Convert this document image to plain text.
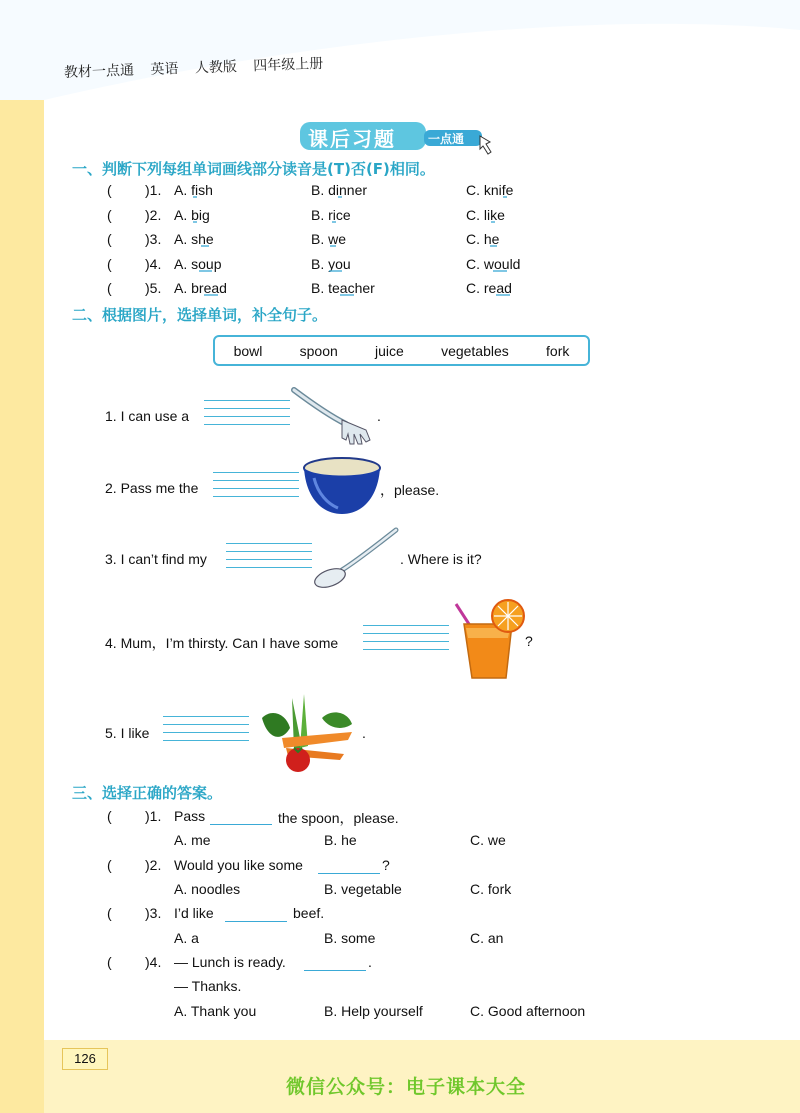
教材一点通 英语 人教版 四年级上册
课后习题	一点通
一、判断下列每组单词画线部分读音是(T)否(F)相同。
( )1. A. fish	B. dinner	C. knife
( )2. A. big	B. rice	C. like
( )3. A. she	B. we	C. he
( )4. A. soup	B. you	C. would
( )5. A. bread	B. teacher	C. read
二、根据图片，选择单词，补全句子。
bowl	spoon	juice	vegetables	fork
1. I can use a	.
2. Pass me the	，please.
3. I can’t find my	. Where is it?
4. Mum，I’m thirsty. Can I have some	?
5. I like	.
三、选择正确的答案。
( )1. Pass	the spoon，please.
A. me	B. he	C. we
( )2. Would you like some	?
A. noodles	B. vegetable	C. fork
( )3. I’d like	beef.
A. a	B. some	C. an
( )4. — Lunch is ready.	.
— Thanks.
A. Thank you	B. Help yourself	C. Good afternoon
126
微信公众号：电子课本大全
